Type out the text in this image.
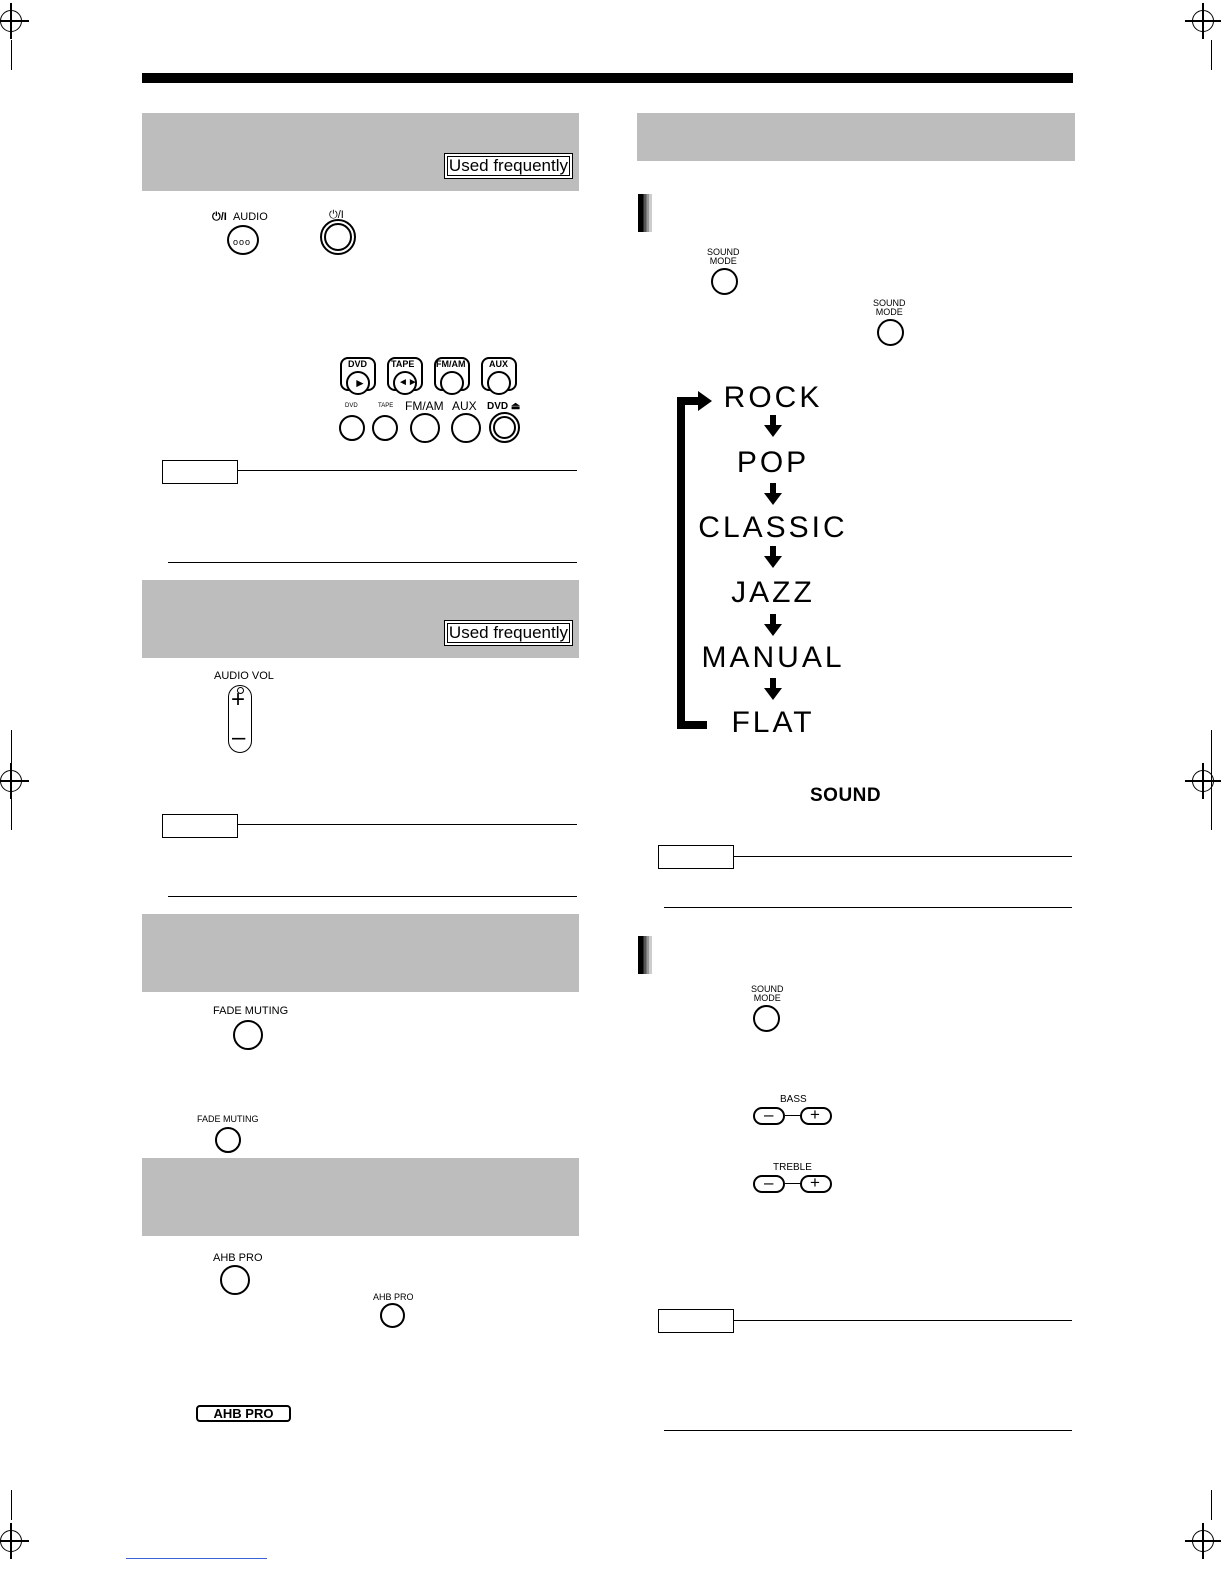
Used frequently
⏻/I AUDIO
ooo
⏻/I
DVD
►
TAPE
◄►
FM/AM	AUX
DVD	TAPE FM/AM AUX DVD ⏏
Used frequently
AUDIO VOL
+
–
FADE MUTING
FADE MUTING
AHB PRO
AHB PRO
AHB PRO
SOUND
MODE
SOUND
MODE
ROCK
POP
CLASSIC
JAZZ
MANUAL
FLAT
SOUND
SOUND
MODE
BASS
– +
TREBLE
– +
